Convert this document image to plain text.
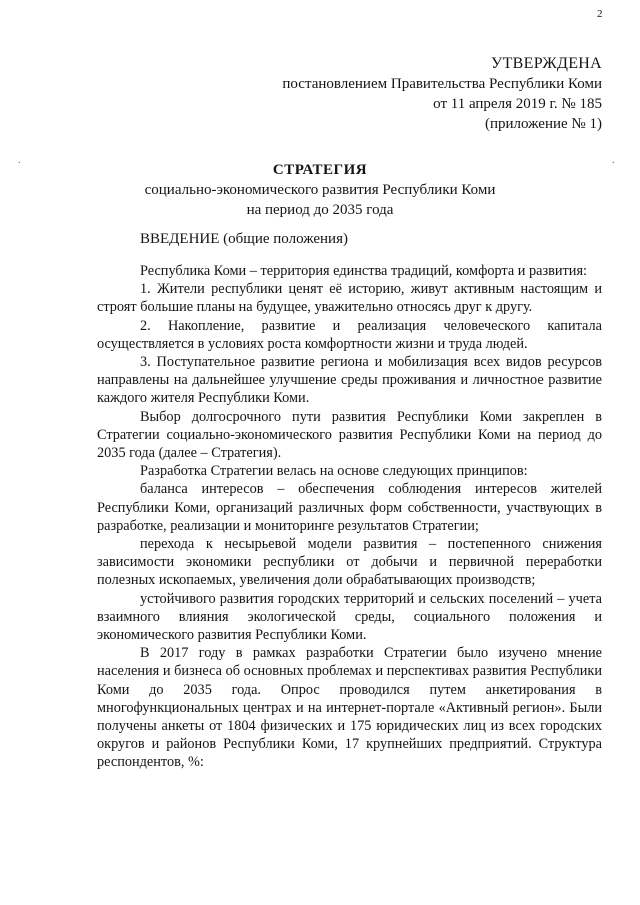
2
УТВЕРЖДЕНА
постановлением Правительства Республики Коми
от 11 апреля 2019 г. № 185
(приложение № 1)
.	.
СТРАТЕГИЯ
социально-экономического развития Республики Коми
на период до 2035 года
ВВЕДЕНИЕ (общие положения)

Республика Коми – территория единства традиций, комфорта и развития:

1. Жители республики ценят её историю, живут активным настоящим и строят большие планы на будущее, уважительно относясь друг к другу.

2. Накопление, развитие и реализация человеческого капитала осуществляется в условиях роста комфортности жизни и труда людей.

3. Поступательное развитие региона и мобилизация всех видов ресурсов направлены на дальнейшее улучшение среды проживания и личностное развитие каждого жителя Республики Коми.

Выбор долгосрочного пути развития Республики Коми закреплен в Стратегии социально-экономического развития Республики Коми на период до 2035 года (далее – Стратегия).

Разработка Стратегии велась на основе следующих принципов:

баланса интересов – обеспечения соблюдения интересов жителей Республики Коми, организаций различных форм собственности, участвующих в разработке, реализации и мониторинге результатов Стратегии;

перехода к несырьевой модели развития – постепенного снижения зависимости экономики республики от добычи и первичной переработки полезных ископаемых, увеличения доли обрабатывающих производств;

устойчивого развития городских территорий и сельских поселений – учета взаимного влияния экологической среды, социального положения и экономического развития Республики Коми.

В 2017 году в рамках разработки Стратегии было изучено мнение населения и бизнеса об основных проблемах и перспективах развития Республики Коми до 2035 года. Опрос проводился путем анкетирования в многофункциональных центрах и на интернет-портале «Активный регион». Были получены анкеты от 1804 физических и 175 юридических лиц из всех городских округов и районов Республики Коми, 17 крупнейших предприятий. Структура респондентов, %:
